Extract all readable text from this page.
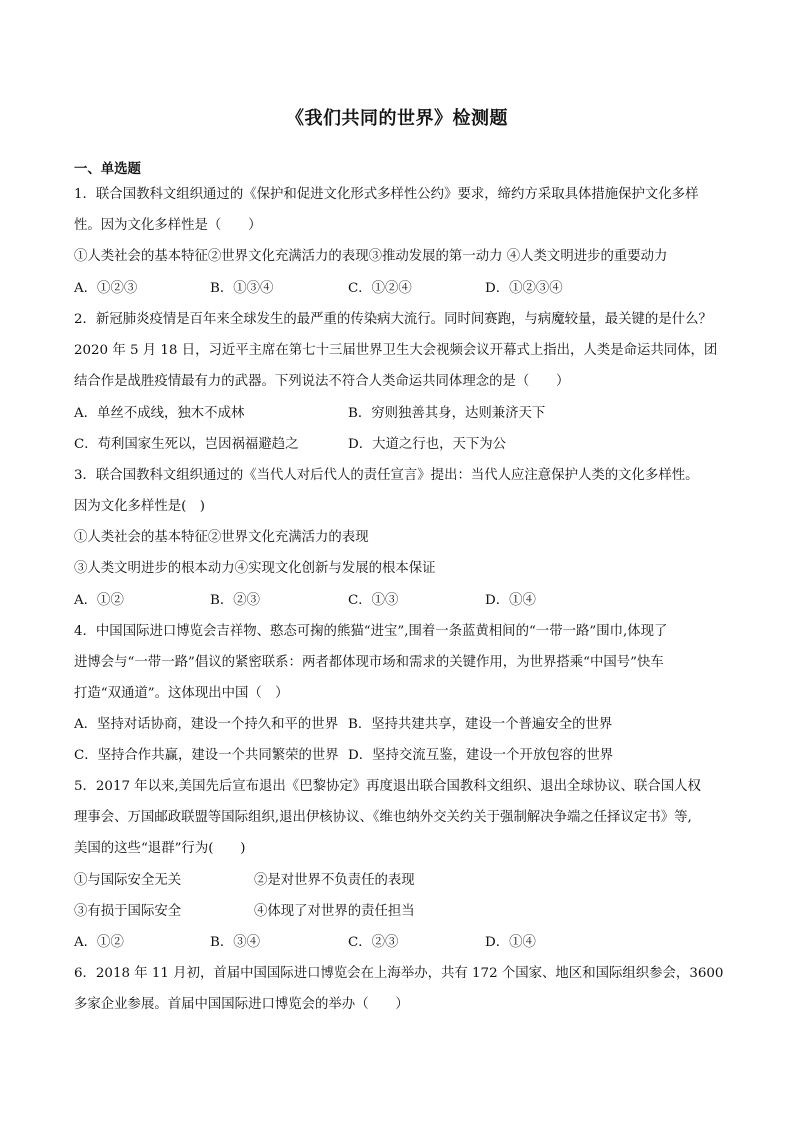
《我们共同的世界》检测题
一、单选题
1．联合国教科文组织通过的《保护和促进文化形式多样性公约》要求，缔约方采取具体措施保护文化多样
性。因为文化多样性是（　　）
①人类社会的基本特征②世界文化充满活力的表现③推动发展的第一动力 ④人类文明进步的重要动力
A．①②③	B．①③④	C．①②④	D．①②③④
2．新冠肺炎疫情是百年来全球发生的最严重的传染病大流行。同时间赛跑，与病魔较量，最关键的是什么？
2020 年 5 月 18 日，习近平主席在第七十三届世界卫生大会视频会议开幕式上指出，人类是命运共同体，团
结合作是战胜疫情最有力的武器。下列说法不符合人类命运共同体理念的是（　　）
A．单丝不成线，独木不成林	B．穷则独善其身，达则兼济天下
C．苟利国家生死以，岂因祸福避趋之	D．大道之行也，天下为公
3．联合国教科文组织通过的《当代人对后代人的责任宣言》提出：当代人应注意保护人类的文化多样性。
因为文化多样性是(　)
①人类社会的基本特征②世界文化充满活力的表现
③人类文明进步的根本动力④实现文化创新与发展的根本保证
A．①②	B．②③	C．①③	D．①④
4．中国国际进口博览会吉祥物、憨态可掬的熊猫“进宝”,围着一条蓝黄相间的“一带一路”围巾,体现了
进博会与“一带一路”倡议的紧密联系：两者都体现市场和需求的关键作用，为世界搭乘“中国号”快车
打造“双通道”。这体现出中国（　）
A．坚持对话协商，建设一个持久和平的世界 B．坚持共建共享，建设一个普遍安全的世界
C．坚持合作共赢，建设一个共同繁荣的世界 D．坚持交流互鉴，建设一个开放包容的世界
5．2017 年以来,美国先后宣布退出《巴黎协定》再度退出联合国教科文组织、退出全球协议、联合国人权
理事会、万国邮政联盟等国际组织,退出伊核协议、《维也纳外交关约关于强制解决争端之任择议定书》等,
美国的这些“退群”行为(　　)
①与国际安全无关	②是对世界不负责任的表现
③有损于国际安全	④体现了对世界的责任担当
A．①②	B．③④	C．②③	D．①④
6．2018 年 11 月初，首届中国国际进口博览会在上海举办，共有 172 个国家、地区和国际组织参会，3600
多家企业参展。首届中国国际进口博览会的举办（　　）
